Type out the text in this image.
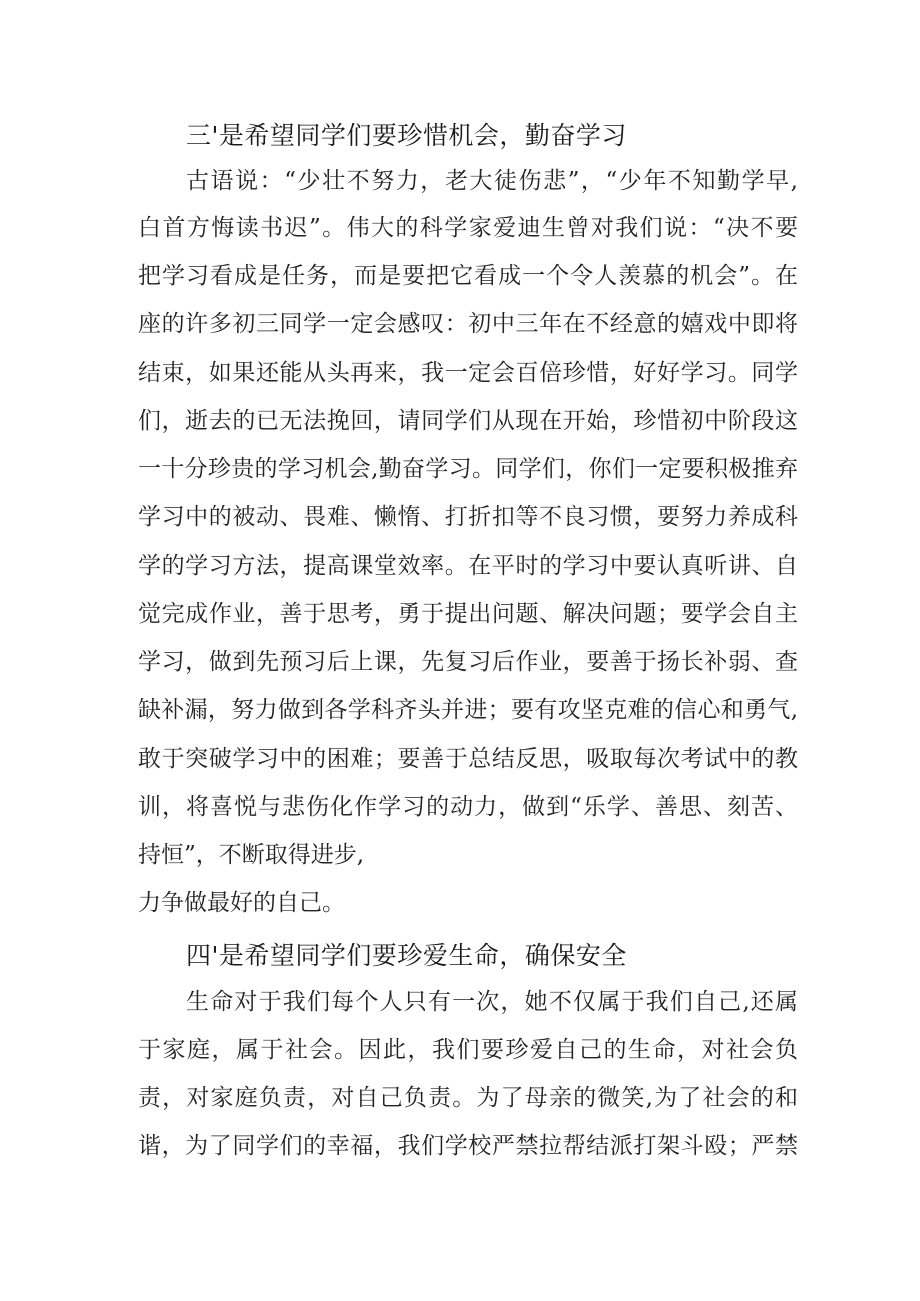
三'是希望同学们要珍惜机会，勤奋学习
古语说：“少壮不努力，老大徒伤悲”，“少年不知勤学早,
白首方悔读书迟”。伟大的科学家爱迪生曾对我们说：“决不要
把学习看成是任务，而是要把它看成一个令人羡慕的机会”。在
座的许多初三同学一定会感叹：初中三年在不经意的嬉戏中即将
结束，如果还能从头再来，我一定会百倍珍惜，好好学习。同学
们，逝去的已无法挽回，请同学们从现在开始，珍惜初中阶段这
一十分珍贵的学习机会,勤奋学习。同学们，你们一定要积极推弃
学习中的被动、畏难、懒惰、打折扣等不良习惯，要努力养成科
学的学习方法，提高课堂效率。在平时的学习中要认真听讲、自
觉完成作业，善于思考，勇于提出问题、解决问题；要学会自主
学习，做到先预习后上课，先复习后作业，要善于扬长补弱、查
缺补漏，努力做到各学科齐头并进；要有攻坚克难的信心和勇气,
敢于突破学习中的困难；要善于总结反思，吸取每次考试中的教
训，将喜悦与悲伤化作学习的动力，做到“乐学、善思、刻苦、
持恒”，不断取得进步,
力争做最好的自己。
四'是希望同学们要珍爱生命，确保安全
生命对于我们每个人只有一次，她不仅属于我们自己,还属
于家庭，属于社会。因此，我们要珍爱自己的生命，对社会负
责，对家庭负责，对自己负责。为了母亲的微笑,为了社会的和
谐，为了同学们的幸福，我们学校严禁拉帮结派打架斗殴；严禁
